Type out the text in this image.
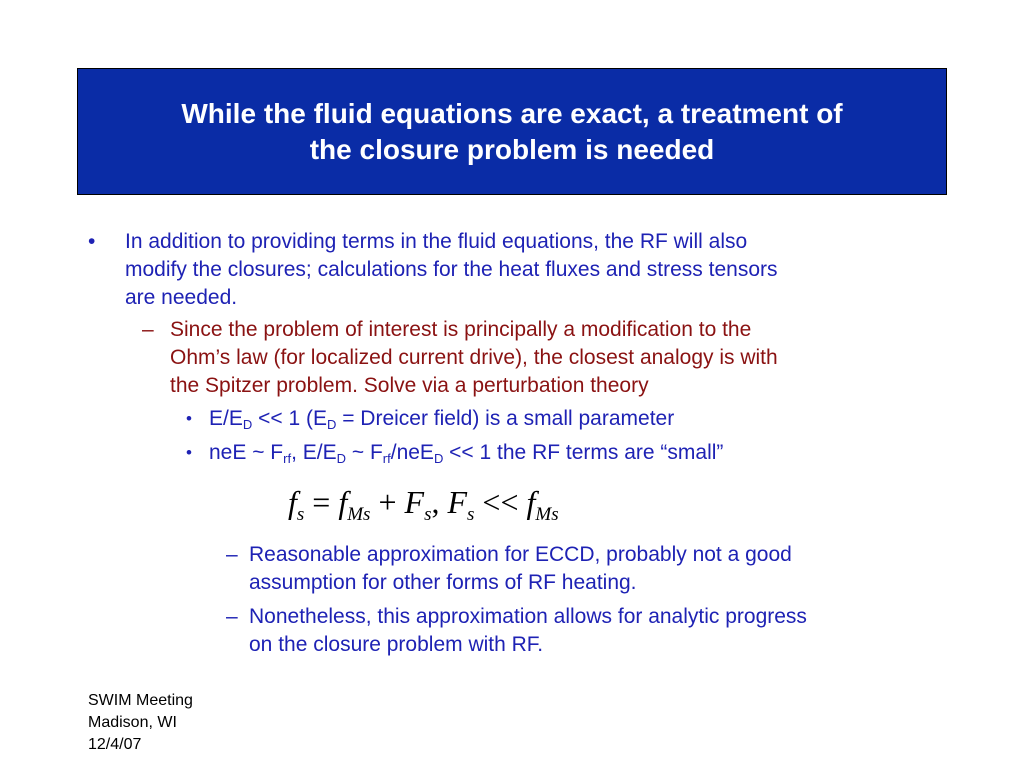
While the fluid equations are exact, a treatment of
the closure problem is needed
• In addition to providing terms in the fluid equations, the RF will also
modify the closures; calculations for the heat fluxes and stress tensors
are needed.
– Since the problem of interest is principally a modification to the
Ohm’s law (for localized current drive), the closest analogy is with
the Spitzer problem. Solve via a perturbation theory
• $E/E_D << 1$ ($E_D$ = Dreicer field) is a small parameter
• neE ~ $F_{rf}$, $E/E_D$ ~ $F_{rf}/neE_D << 1$ the RF terms are “small”
$f_s = f_{Ms} + F_s$, $F_s << f_{Ms}$
– Reasonable approximation for ECCD, probably not a good
assumption for other forms of RF heating.
– Nonetheless, this approximation allows for analytic progress
on the closure problem with RF.
SWIM Meeting
Madison, WI
12/4/07
